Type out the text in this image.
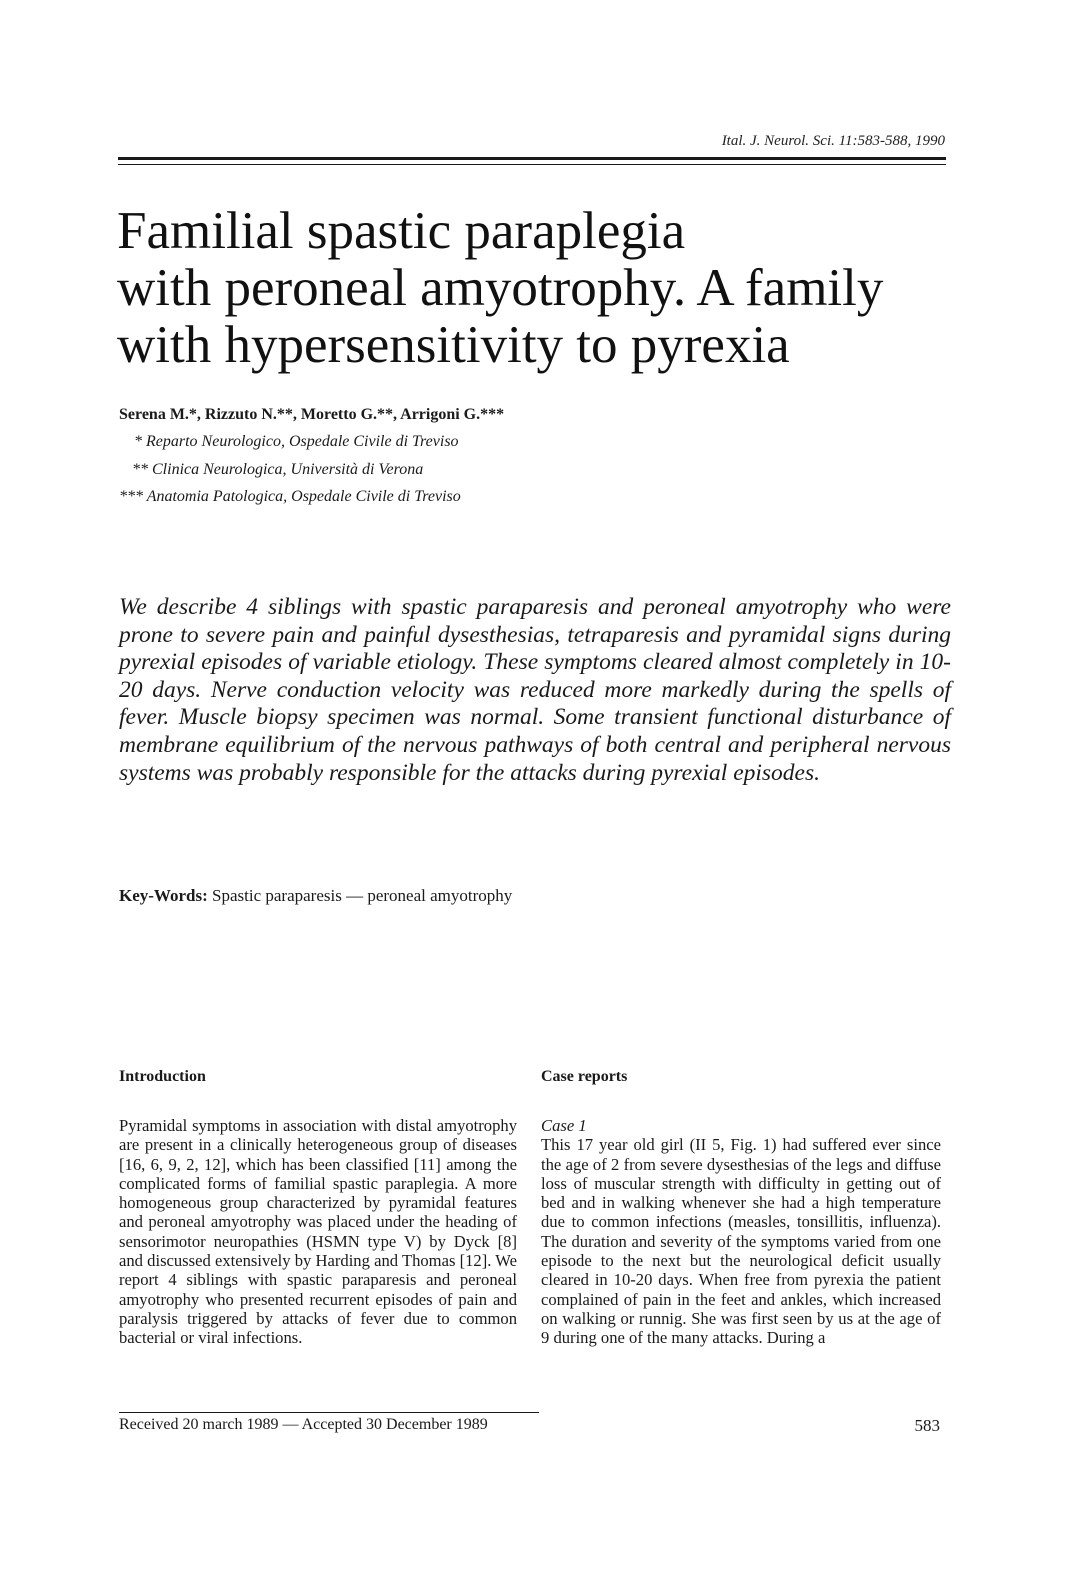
Ital. J. Neurol. Sci. 11:583-588, 1990
Familial spastic paraplegia
with peroneal amyotrophy. A family
with hypersensitivity to pyrexia
Serena M.*, Rizzuto N.**, Moretto G.**, Arrigoni G.***
* Reparto Neurologico, Ospedale Civile di Treviso
** Clinica Neurologica, Università di Verona
*** Anatomia Patologica, Ospedale Civile di Treviso

We describe 4 siblings with spastic paraparesis and peroneal amyotrophy who were prone to severe pain and painful dysesthesias, tetraparesis and pyramidal signs during pyrexial episodes of variable etiology. These symptoms cleared almost completely in 10-20 days. Nerve conduction velocity was reduced more markedly during the spells of fever. Muscle biopsy specimen was normal. Some transient functional disturbance of membrane equilibrium of the nervous pathways of both central and peripheral nervous systems was probably responsible for the attacks during pyrexial episodes.

Key-Words: Spastic paraparesis — peroneal amyotrophy
Introduction

Pyramidal symptoms in association with distal amyotrophy are present in a clinically heterogeneous group of diseases [16, 6, 9, 2, 12], which has been classified [11] among the complicated forms of familial spastic paraplegia. A more homogeneous group characterized by pyramidal features and peroneal amyotrophy was placed under the heading of sensorimotor neuropathies (HSMN type V) by Dyck [8] and discussed extensively by Harding and Thomas [12]. We report 4 siblings with spastic paraparesis and peroneal amyotrophy who presented recurrent episodes of pain and paralysis triggered by attacks of fever due to common bacterial or viral infections.

Case reports

Case 1

This 17 year old girl (II 5, Fig. 1) had suffered ever since the age of 2 from severe dysesthesias of the legs and diffuse loss of muscular strength with difficulty in getting out of bed and in walking whenever she had a high temperature due to common infections (measles, tonsillitis, influenza). The duration and severity of the symptoms varied from one episode to the next but the neurological deficit usually cleared in 10-20 days. When free from pyrexia the patient complained of pain in the feet and ankles, which increased on walking or runnig. She was first seen by us at the age of 9 during one of the many attacks. During a

Received 20 march 1989 — Accepted 30 December 1989	583
